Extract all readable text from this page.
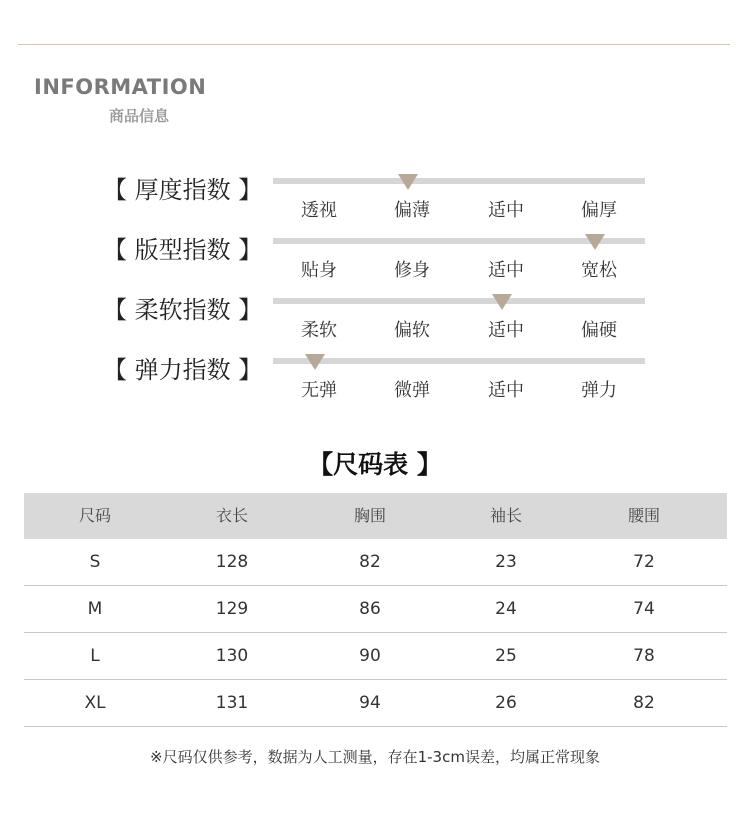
INFORMATION
商品信息
【 厚度指数 】
透视	偏薄	适中	偏厚
【 版型指数 】
贴身	修身	适中	宽松
【 柔软指数 】
柔软	偏软	适中	偏硬
【 弹力指数 】
无弹	微弹	适中	弹力
【尺码表 】
尺码	衣长	胸围	袖长	腰围
S	128	82	23	72
M	129	86	24	74
L	130	90	25	78
XL	131	94	26	82
※尺码仅供参考，数据为人工测量，存在1-3cm误差，均属正常现象
